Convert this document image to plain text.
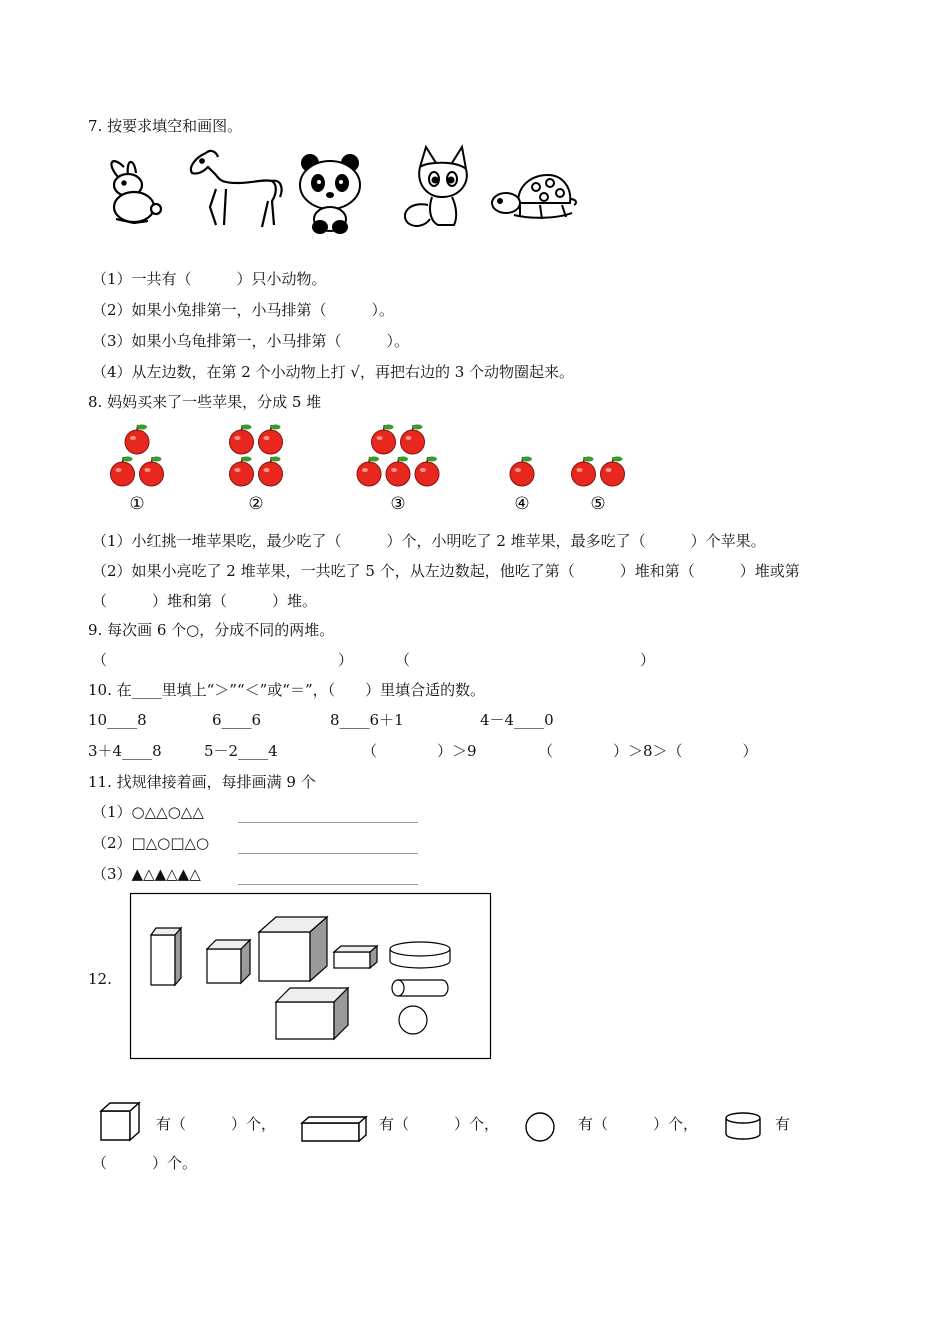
7. 按要求填空和画图。
（1）一共有（　　　）只小动物。
（2）如果小兔排第一，小马排第（　　　）。
（3）如果小乌龟排第一，小马排第（　　　）。
（4）从左边数，在第 2 个小动物上打 √，再把右边的 3 个动物圈起来。
8. 妈妈买来了一些苹果，分成 5 堆
①	②	③	④	⑤
（1）小红挑一堆苹果吃，最少吃了（　　　）个，小明吃了 2 堆苹果，最多吃了（　　　）个苹果。
（2）如果小亮吃了 2 堆苹果，一共吃了 5 个，从左边数起，他吃了第（　　　）堆和第（　　　）堆或第
（　　　）堆和第（　　　）堆。
9. 每次画 6 个○，分成不同的两堆。
（	）	（	）
10. 在____里填上“＞”“＜”或“＝”，（　　）里填合适的数。
10____8	6____6	8____6＋1	4－4____0
3＋4____8	5－2____4	（　　　　）＞9	（　　　　）＞8＞（　　　　）
11. 找规律接着画，每排画满 9 个
（1）○△△○△△ ________________________
（2）□△○□△○ ________________________
（3）▲△▲△▲△ ________________________
12.
有（　　　）个，	有（　　　）个，	有（　　　）个，	有
（　　　）个。
